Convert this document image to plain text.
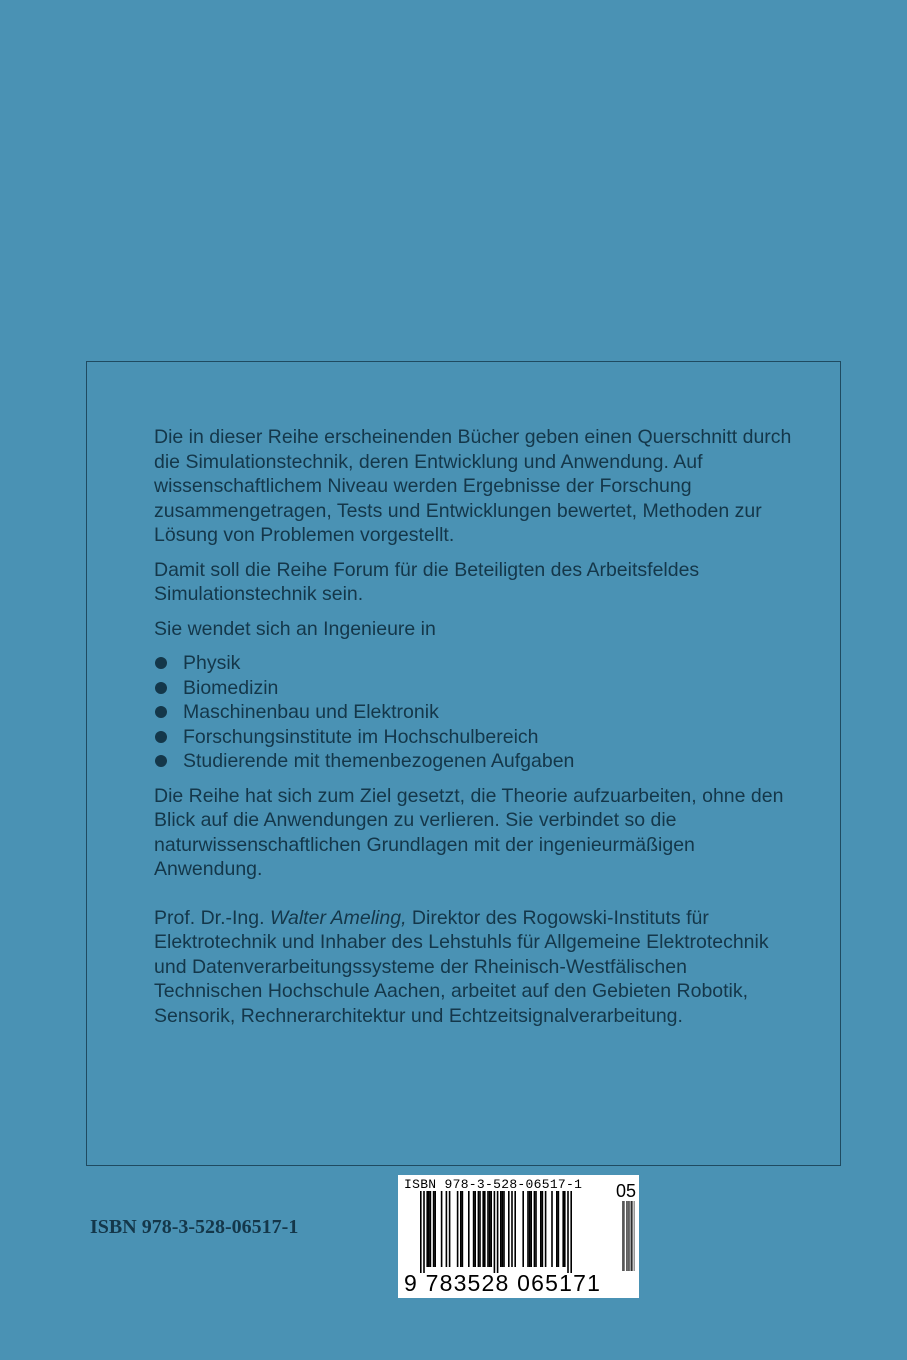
Die in dieser Reihe erscheinenden Bücher geben einen Querschnitt durch die Simulationstechnik, deren Entwicklung und Anwendung. Auf wissenschaftlichem Niveau werden Ergebnisse der Forschung zusammengetragen, Tests und Entwicklungen bewertet, Methoden zur Lösung von Problemen vorgestellt.

Damit soll die Reihe Forum für die Beteiligten des Arbeitsfeldes Simulationstechnik sein.

Sie wendet sich an Ingenieure in

Physik
Biomedizin
Maschinenbau und Elektronik
Forschungsinstitute im Hochschulbereich
Studierende mit themenbezogenen Aufgaben

Die Reihe hat sich zum Ziel gesetzt, die Theorie aufzuarbeiten, ohne den Blick auf die Anwendungen zu verlieren. Sie verbindet so die naturwissenschaftlichen Grundlagen mit der ingenieurmäßigen Anwendung.

Prof. Dr.-Ing. Walter Ameling, Direktor des Rogowski-Instituts für Elektrotechnik und Inhaber des Lehstuhls für Allgemeine Elektrotechnik und Datenverarbeitungssysteme der Rheinisch-Westfälischen Technischen Hochschule Aachen, arbeitet auf den Gebieten Robotik, Sensorik, Rechnerarchitektur und Echtzeitsignalverarbeitung.

ISBN 978-3-528-06517-1
ISBN 978-3-528-06517-1 05
9 783528 065171
